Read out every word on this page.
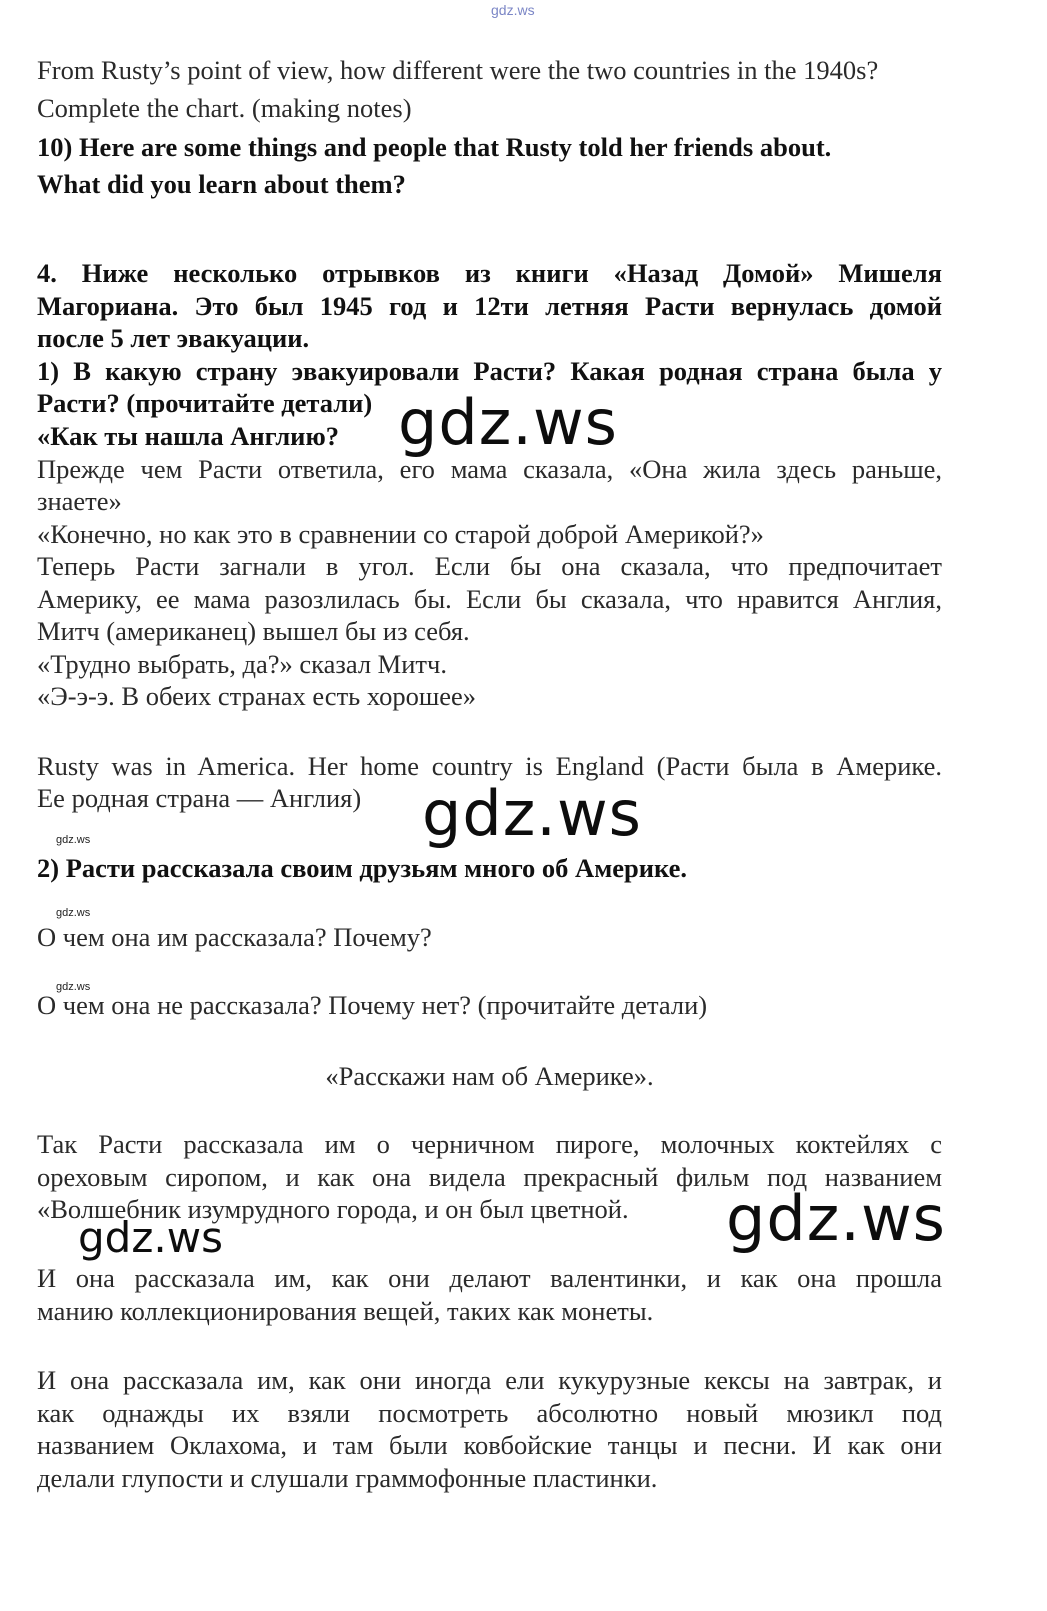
gdz.ws
From Rusty’s point of view, how different were the two countries in the 1940s?
Complete the chart. (making notes)
10) Here are some things and people that Rusty told her friends about.
What did you learn about them?
4. Ниже несколько отрывков из книги «Назад Домой» Мишеля
Магориана. Это был 1945 год и 12ти летняя Расти вернулась домой
после 5 лет эвакуации.
1) В какую страну эвакуировали Расти? Какая родная страна была у
Расти? (прочитайте детали)
«Как ты нашла Англию?
Прежде чем Расти ответила, его мама сказала, «Она жила здесь раньше,
знаете»
«Конечно, но как это в сравнении со старой доброй Америкой?»
Теперь Расти загнали в угол. Если бы она сказала, что предпочитает
Америку, ее мама разозлилась бы. Если бы сказала, что нравится Англия,
Митч (американец) вышел бы из себя.
«Трудно выбрать, да?» сказал Митч.
«Э-э-э. В обеих странах есть хорошее»
Rusty was in America. Her home country is England (Расти была в Америке.
Ее родная страна — Англия)
2) Расти рассказала своим друзьям много об Америке.
О чем она им рассказала? Почему?
О чем она не рассказала? Почему нет? (прочитайте детали)
«Расскажи нам об Америке».
Так Расти рассказала им о черничном пироге, молочных коктейлях с
ореховым сиропом, и как она видела прекрасный фильм под названием
«Волшебник изумрудного города, и он был цветной.
И она рассказала им, как они делают валентинки, и как она прошла
манию коллекционирования вещей, таких как монеты.
И она рассказала им, как они иногда ели кукурузные кексы на завтрак, и
как однажды их взяли посмотреть абсолютно новый мюзикл под
названием Оклахома, и там были ковбойские танцы и песни. И как они
делали глупости и слушали граммофонные пластинки.
gdz.ws
gdz.ws
gdz.ws
gdz.ws
gdz.ws
gdz.ws
gdz.ws
